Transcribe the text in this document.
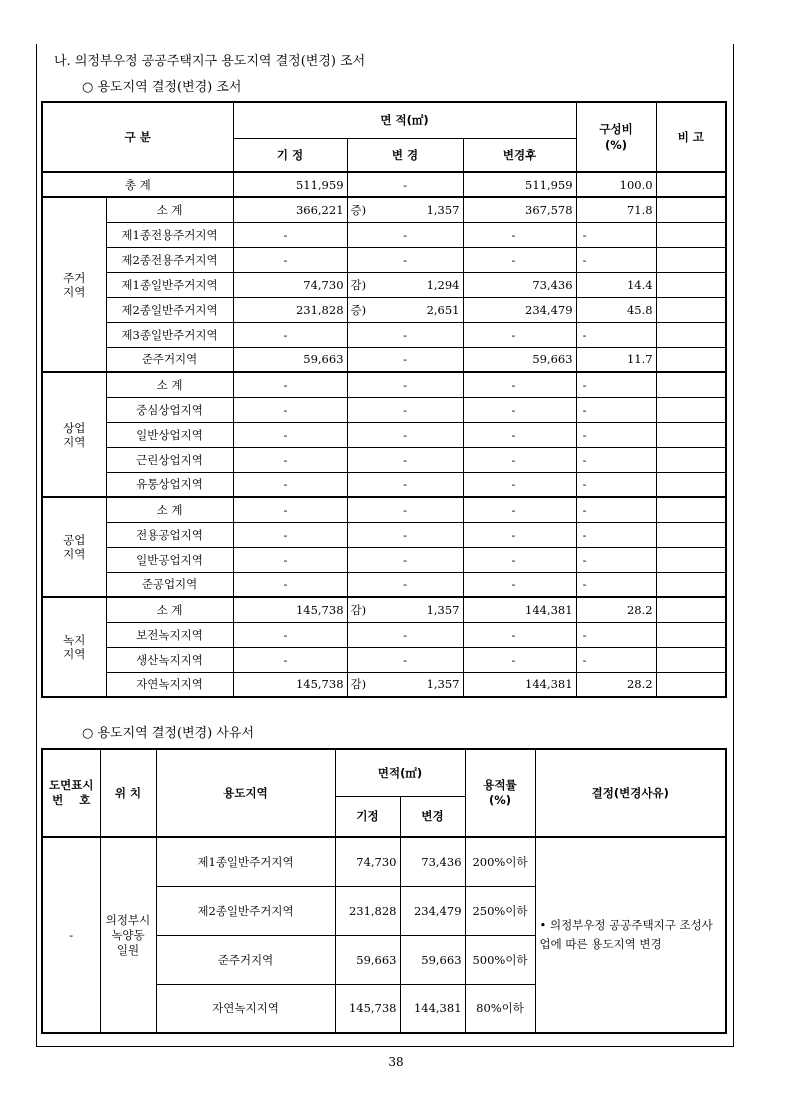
나. 의정부우정 공공주택지구 용도지역 결정(변경) 조서
○ 용도지역 결정(변경) 조서
구 분		면 적(㎡)				구성비
(%)	비 고
		기 정	변 경		변경후		
총 계		511,959	-		511,959	100.0	
주거
지역	소 계	366,221	증)	1,357	367,578	71.8	
	제1종전용주거지역	-	-		-	-	
	제2종전용주거지역	-	-		-	-	
	제1종일반주거지역	74,730	감)	1,294	73,436	14.4	
	제2종일반주거지역	231,828	증)	2,651	234,479	45.8	
	제3종일반주거지역	-	-		-	-	
	준주거지역	59,663	-		59,663	11.7	
상업
지역	소 계	-	-		-	-	
	중심상업지역	-	-		-	-	
	일반상업지역	-	-		-	-	
	근린상업지역	-	-		-	-	
	유통상업지역	-	-		-	-	
공업
지역	소 계	-	-		-	-	
	전용공업지역	-	-		-	-	
	일반공업지역	-	-		-	-	
	준공업지역	-	-		-	-	
녹지
지역	소 계	145,738	감)	1,357	144,381	28.2	
	보전녹지지역	-	-		-	-	
	생산녹지지역	-	-		-	-	
	자연녹지지역	145,738	감)	1,357	144,381	28.2	
○ 용도지역 결정(변경) 사유서
도면표시
번    호	위 치	용도지역	면적(㎡)		용적률
(%)	결정(변경사유)
			기정	변경		
-	의정부시
녹양동
일원	제1종일반주거지역	74,730	73,436	200%이하	• 의정부우정 공공주택지구 조성사업에 따른 용도지역 변경
		제2종일반주거지역	231,828	234,479	250%이하	
		준주거지역	59,663	59,663	500%이하	
		자연녹지지역	145,738	144,381	80%이하	
38
